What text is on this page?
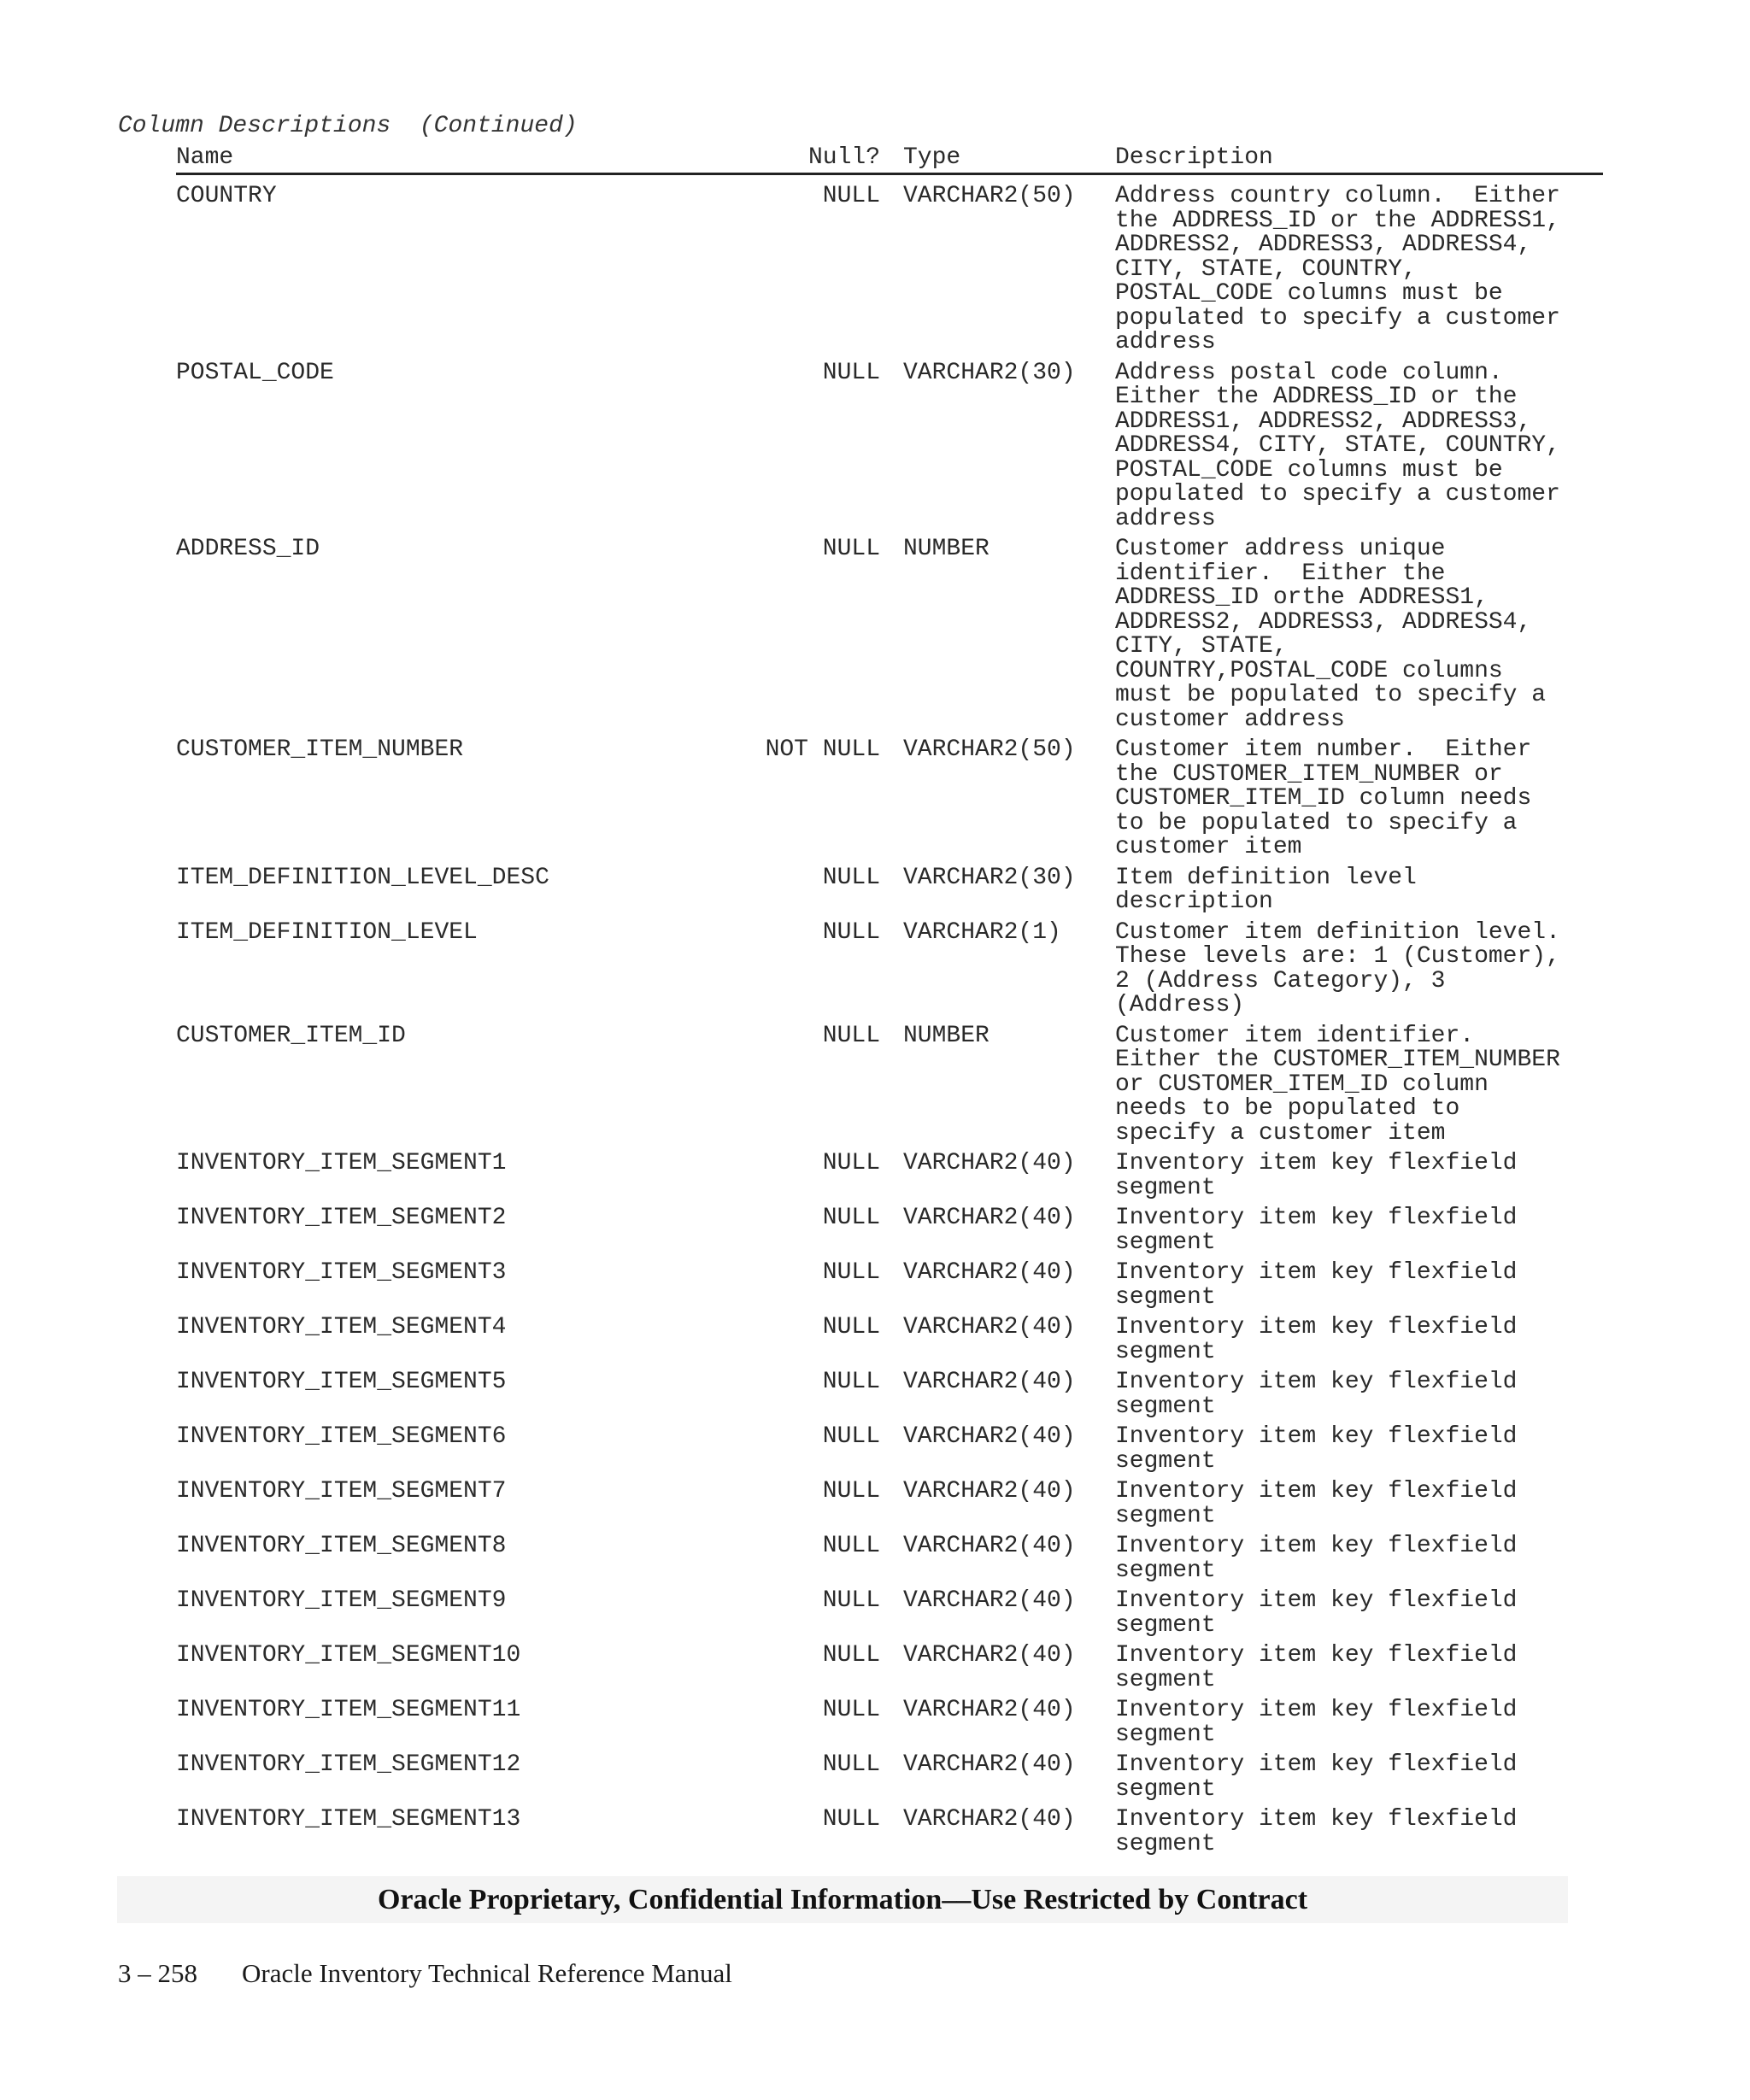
Column Descriptions  (Continued)
Name	Null? Type	Description
COUNTRY	NULL VARCHAR2(50) Address country column.  Either
the ADDRESS_ID or the ADDRESS1,
ADDRESS2, ADDRESS3, ADDRESS4,
CITY, STATE, COUNTRY,
POSTAL_CODE columns must be
populated to specify a customer
address
POSTAL_CODE	NULL VARCHAR2(30) Address postal code column.
Either the ADDRESS_ID or the
ADDRESS1, ADDRESS2, ADDRESS3,
ADDRESS4, CITY, STATE, COUNTRY,
POSTAL_CODE columns must be
populated to specify a customer
address
ADDRESS_ID	NULL NUMBER	Customer address unique
identifier.  Either the
ADDRESS_ID orthe ADDRESS1,
ADDRESS2, ADDRESS3, ADDRESS4,
CITY, STATE,
COUNTRY,POSTAL_CODE columns
must be populated to specify a
customer address
CUSTOMER_ITEM_NUMBER	NOT NULL VARCHAR2(50) Customer item number.  Either
the CUSTOMER_ITEM_NUMBER or
CUSTOMER_ITEM_ID column needs
to be populated to specify a
customer item
ITEM_DEFINITION_LEVEL_DESC	NULL VARCHAR2(30) Item definition level
description
ITEM_DEFINITION_LEVEL	NULL VARCHAR2(1) Customer item definition level.
These levels are: 1 (Customer),
2 (Address Category), 3
(Address)
CUSTOMER_ITEM_ID	NULL NUMBER	Customer item identifier.
Either the CUSTOMER_ITEM_NUMBER
or CUSTOMER_ITEM_ID column
needs to be populated to
specify a customer item
INVENTORY_ITEM_SEGMENT1	NULL VARCHAR2(40) Inventory item key flexfield
segment
INVENTORY_ITEM_SEGMENT2	NULL VARCHAR2(40) Inventory item key flexfield
segment
INVENTORY_ITEM_SEGMENT3	NULL VARCHAR2(40) Inventory item key flexfield
segment
INVENTORY_ITEM_SEGMENT4	NULL VARCHAR2(40) Inventory item key flexfield
segment
INVENTORY_ITEM_SEGMENT5	NULL VARCHAR2(40) Inventory item key flexfield
segment
INVENTORY_ITEM_SEGMENT6	NULL VARCHAR2(40) Inventory item key flexfield
segment
INVENTORY_ITEM_SEGMENT7	NULL VARCHAR2(40) Inventory item key flexfield
segment
INVENTORY_ITEM_SEGMENT8	NULL VARCHAR2(40) Inventory item key flexfield
segment
INVENTORY_ITEM_SEGMENT9	NULL VARCHAR2(40) Inventory item key flexfield
segment
INVENTORY_ITEM_SEGMENT10	NULL VARCHAR2(40) Inventory item key flexfield
segment
INVENTORY_ITEM_SEGMENT11	NULL VARCHAR2(40) Inventory item key flexfield
segment
INVENTORY_ITEM_SEGMENT12	NULL VARCHAR2(40) Inventory item key flexfield
segment
INVENTORY_ITEM_SEGMENT13	NULL VARCHAR2(40) Inventory item key flexfield
segment
Oracle Proprietary, Confidential Information––Use Restricted by Contract
3 – 258 Oracle Inventory Technical Reference Manual
